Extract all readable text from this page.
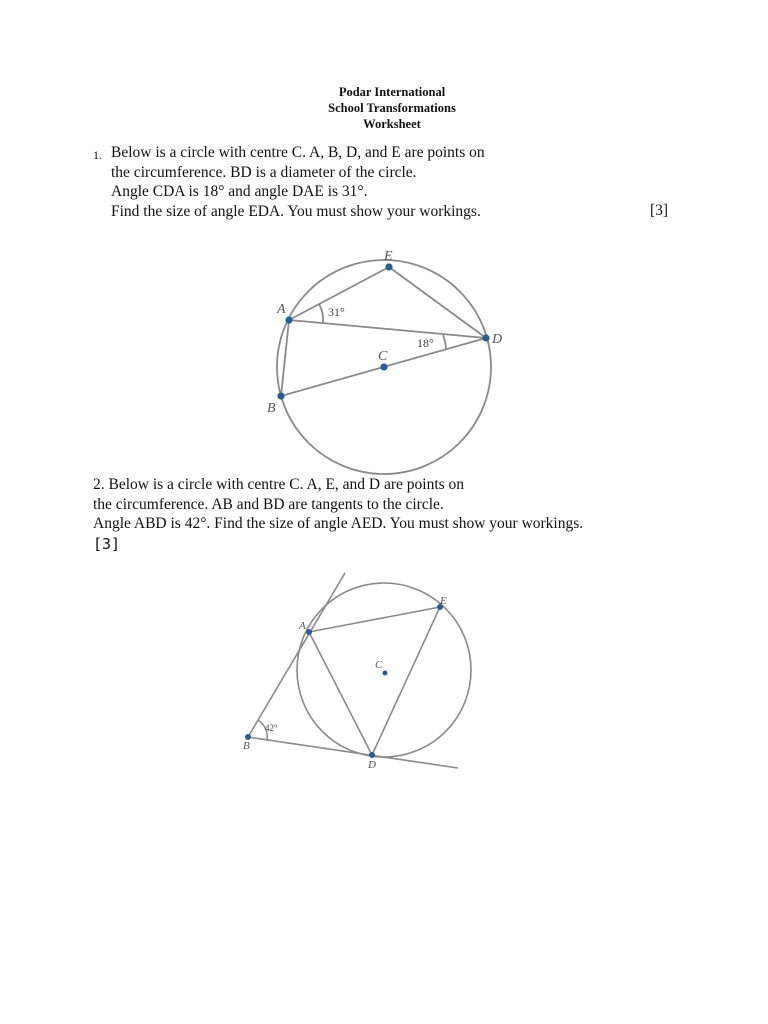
Podar International
School Transformations
Worksheet
1. Below is a circle with centre C. A, B, D, and E are points on
the circumference. BD is a diameter of the circle.
Angle CDA is 18° and angle DAE is 31°.
Find the size of angle EDA. You must show your workings.	[3]
E
A
C
D
B
31°
18°
2. Below is a circle with centre C. A, E, and D are points on
the circumference. AB and BD are tangents to the circle.
Angle ABD is 42°. Find the size of angle AED. You must show your workings.
[3]
A
E
C
B
D
42°
